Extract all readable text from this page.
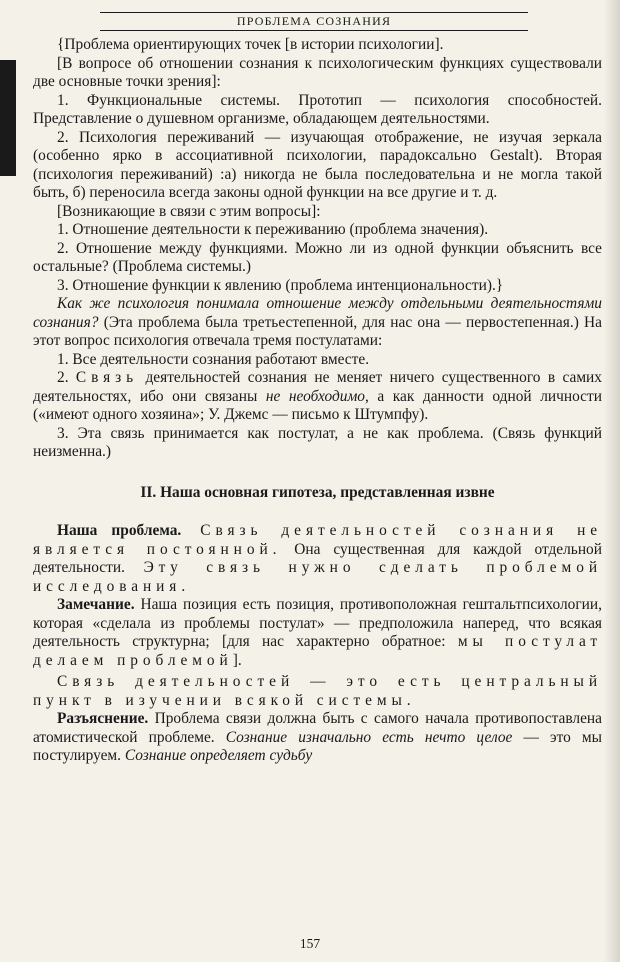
ПРОБЛЕМА СОЗНАНИЯ

{Проблема ориентирующих точек [в истории психологии].

[В вопросе об отношении сознания к психологическим функциях существовали две основные точки зрения]:

1. Функциональные системы. Прототип — психология способностей. Представление о душевном организме, обладающем деятельностями.

2. Психология переживаний — изучающая отображение, не изучая зеркала (особенно ярко в ассоциативной психологии, парадоксально Gestalt). Вторая (психология переживаний) :а) никогда не была последовательна и не могла такой быть, б) переносила всегда законы одной функции на все другие и т. д.

[Возникающие в связи с этим вопросы]:

1. Отношение деятельности к переживанию (проблема значения).

2. Отношение между функциями. Можно ли из одной функции объяснить все остальные? (Проблема системы.)

3. Отношение функции к явлению (проблема интенциональности).}

Как же психология понимала отношение между отдельными деятельностями сознания? (Эта проблема была третьестепенной, для нас она — первостепенная.) На этот вопрос психология отвечала тремя постулатами:

1. Все деятельности сознания работают вместе.

2. Связь деятельностей сознания не меняет ничего существенного в самих деятельностях, ибо они связаны не необходимо, а как данности одной личности («имеют одного хозяина»; У. Джемс — письмо к Штумпфу).

3. Эта связь принимается как постулат, а не как проблема. (Связь функций неизменна.)

II. Наша основная гипотеза, представленная извне

Наша проблема. Связь деятельностей сознания не является постоянной. Она существенная для каждой отдельной деятельности. Эту связь нужно сделать проблемой исследования.

Замечание. Наша позиция есть позиция, противоположная гештальтпсихологии, которая «сделала из проблемы постулат» — предположила наперед, что всякая деятельность структурна; [для нас характерно обратное: мы постулат делаем проблемой].

Связь деятельностей — это есть центральный пункт в изучении всякой системы.

Разъяснение. Проблема связи должна быть с самого начала противопоставлена атомистической проблеме. Сознание изначально есть нечто целое — это мы постулируем. Сознание определяет судьбу

157
